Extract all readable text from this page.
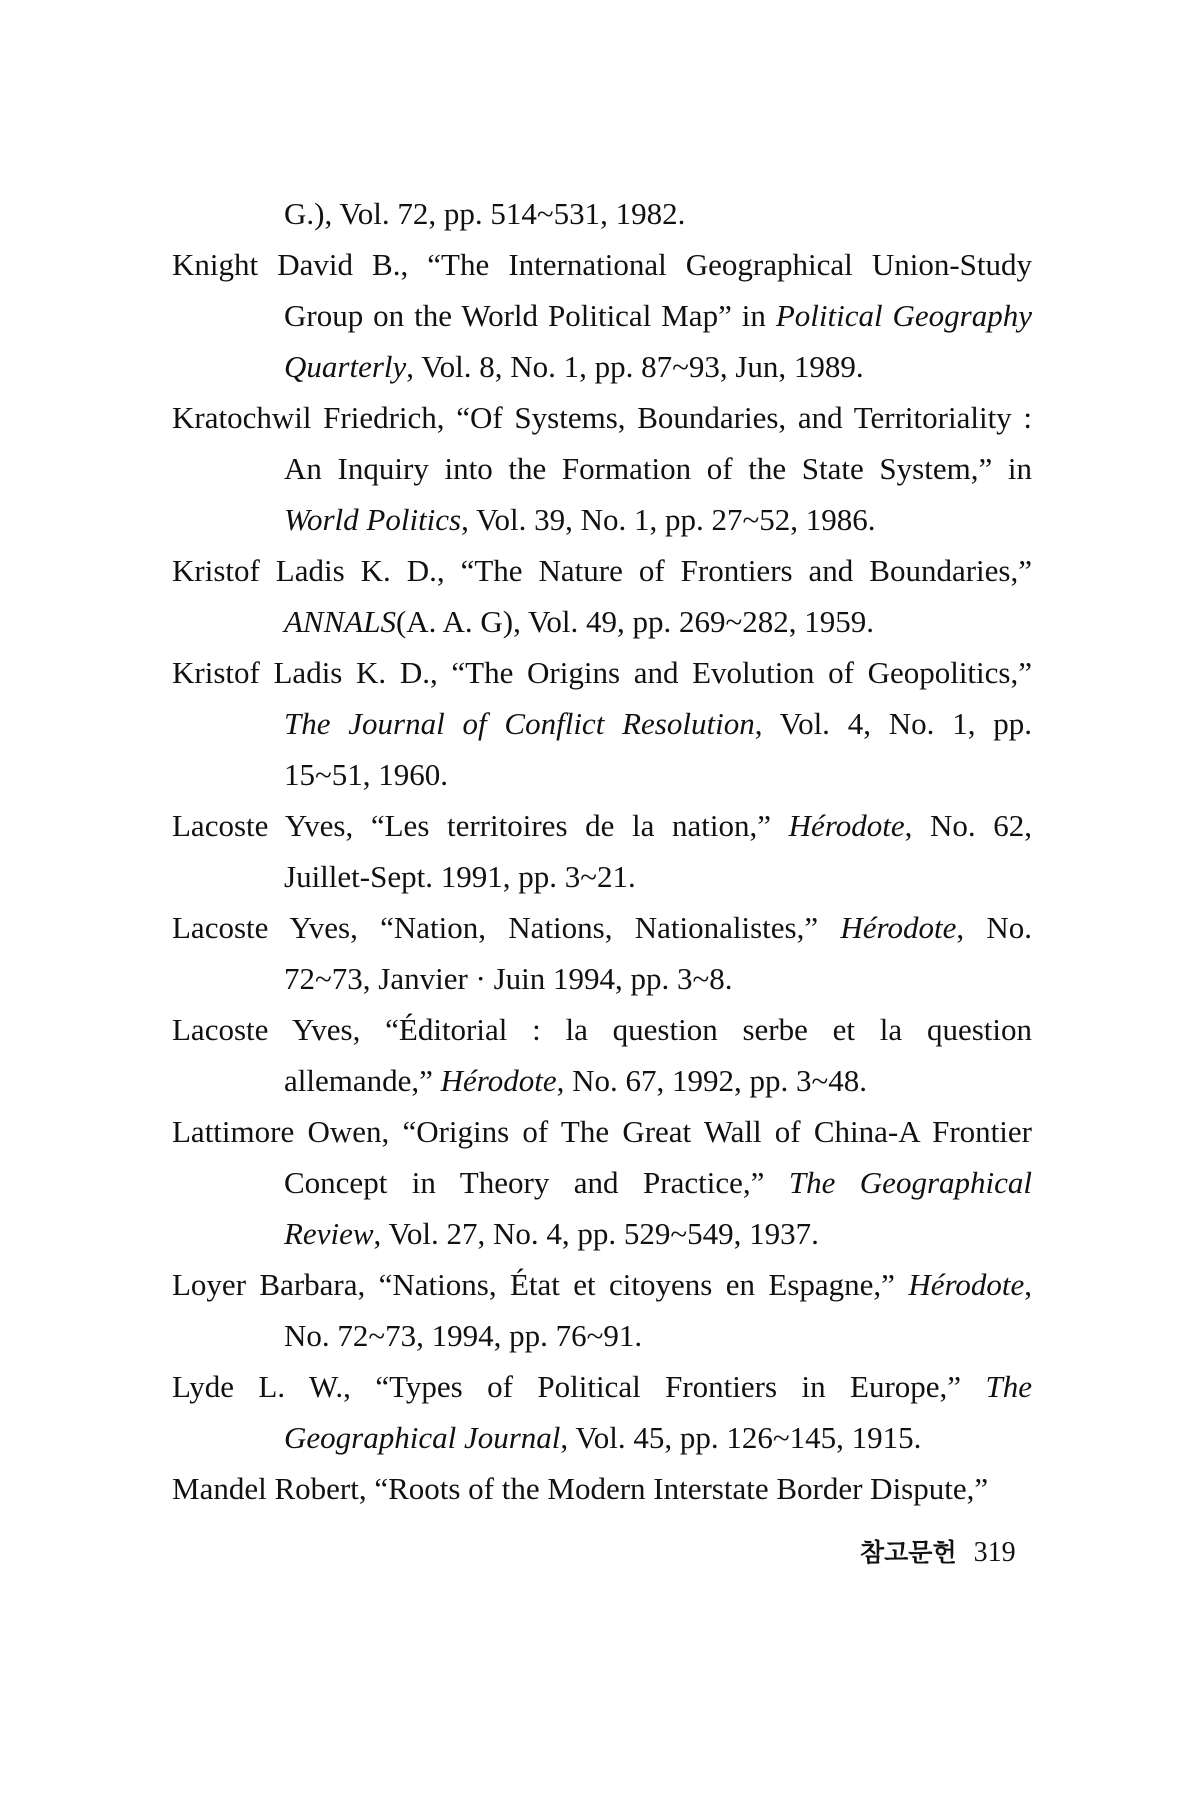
G.), Vol. 72, pp. 514~531, 1982.

Knight David B., “The International Geographical Union-Study Group on the World Political Map” in Political Geography Quarterly, Vol. 8, No. 1, pp. 87~93, Jun, 1989.

Kratochwil Friedrich, “Of Systems, Boundaries, and Territoriality : An Inquiry into the Formation of the State System,” in World Politics, Vol. 39, No. 1, pp. 27~52, 1986.

Kristof Ladis K. D., “The Nature of Frontiers and Boundaries,” ANNALS(A. A. G), Vol. 49, pp. 269~282, 1959.

Kristof Ladis K. D., “The Origins and Evolution of Geopolitics,” The Journal of Conflict Resolution, Vol. 4, No. 1, pp. 15~51, 1960.

Lacoste Yves, “Les territoires de la nation,” Hérodote, No. 62, Juillet-Sept. 1991, pp. 3~21.

Lacoste Yves, “Nation, Nations, Nationalistes,” Hérodote, No. 72~73, Janvier · Juin 1994, pp. 3~8.

Lacoste Yves, “Éditorial : la question serbe et la question allemande,” Hérodote, No. 67, 1992, pp. 3~48.

Lattimore Owen, “Origins of The Great Wall of China-A Frontier Concept in Theory and Practice,” The Geographical Review, Vol. 27, No. 4, pp. 529~549, 1937.

Loyer Barbara, “Nations, État et citoyens en Espagne,” Hérodote, No. 72~73, 1994, pp. 76~91.

Lyde L. W., “Types of Political Frontiers in Europe,” The Geographical Journal, Vol. 45, pp. 126~145, 1915.

Mandel Robert, “Roots of the Modern Interstate Border Dispute,”

참고문헌 319
